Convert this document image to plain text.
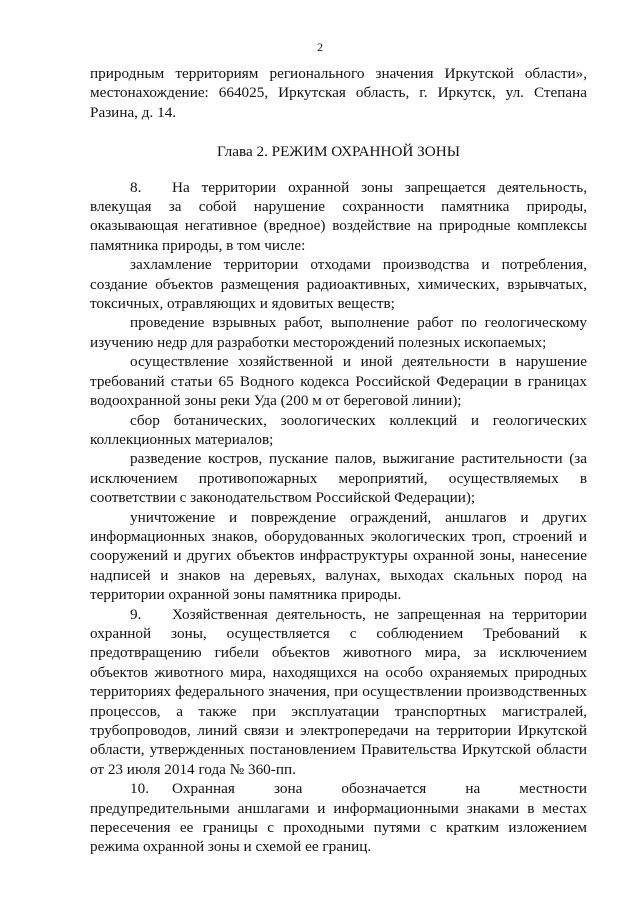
2

природным территориям регионального значения Иркутской области», местонахождение: 664025, Иркутская область, г. Иркутск, ул. Степана Разина, д. 14.

Глава 2. РЕЖИМ ОХРАННОЙ ЗОНЫ

8. На территории охранной зоны запрещается деятельность, влекущая за собой нарушение сохранности памятника природы, оказывающая негативное (вредное) воздействие на природные комплексы памятника природы, в том числе:

захламление территории отходами производства и потребления, создание объектов размещения радиоактивных, химических, взрывчатых, токсичных, отравляющих и ядовитых веществ;

проведение взрывных работ, выполнение работ по геологическому изучению недр для разработки месторождений полезных ископаемых;

осуществление хозяйственной и иной деятельности в нарушение требований статьи 65 Водного кодекса Российской Федерации в границах водоохранной зоны реки Уда (200 м от береговой линии);

сбор ботанических, зоологических коллекций и геологических коллекционных материалов;

разведение костров, пускание палов, выжигание растительности (за исключением противопожарных мероприятий, осуществляемых в соответствии с законодательством Российской Федерации);

уничтожение и повреждение ограждений, аншлагов и других информационных знаков, оборудованных экологических троп, строений и сооружений и других объектов инфраструктуры охранной зоны, нанесение надписей и знаков на деревьях, валунах, выходах скальных пород на территории охранной зоны памятника природы.

9. Хозяйственная деятельность, не запрещенная на территории охранной зоны, осуществляется с соблюдением Требований к предотвращению гибели объектов животного мира, за исключением объектов животного мира, находящихся на особо охраняемых природных территориях федерального значения, при осуществлении производственных процессов, а также при эксплуатации транспортных магистралей, трубопроводов, линий связи и электропередачи на территории Иркутской области, утвержденных постановлением Правительства Иркутской области от 23 июля 2014 года № 360-пп.

10. Охранная зона обозначается на местности предупредительными аншлагами и информационными знаками в местах пересечения ее границы с проходными путями с кратким изложением режима охранной зоны и схемой ее границ.
